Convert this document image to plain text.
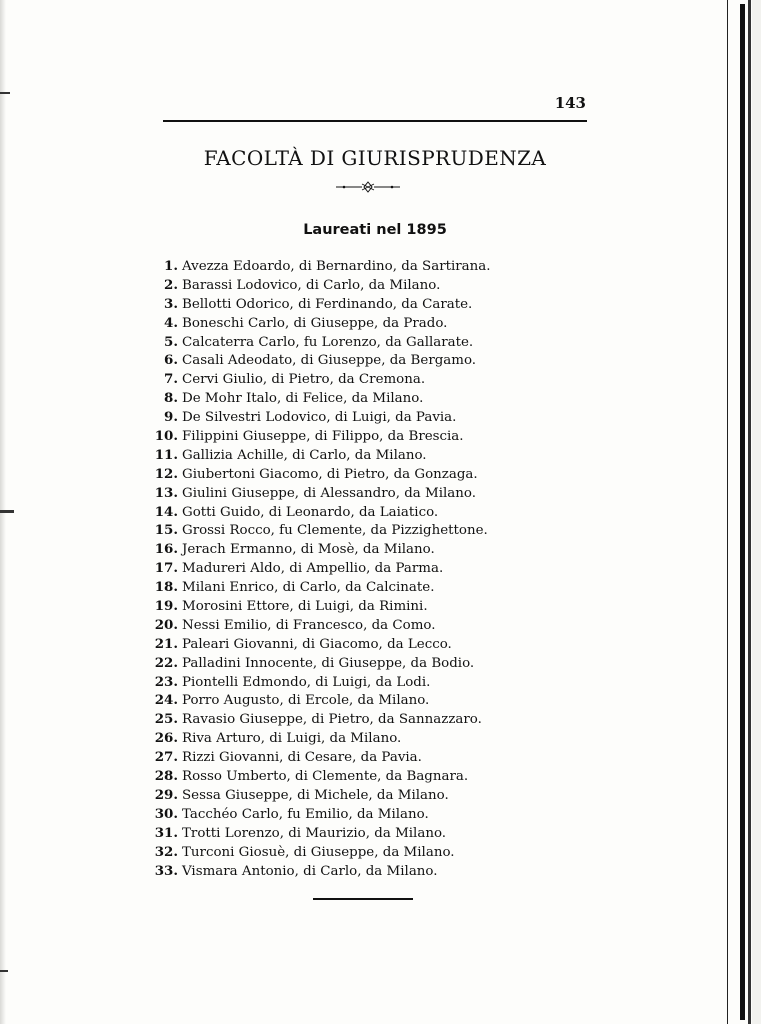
143
FACOLTÀ DI GIURISPRUDENZA
Laureati nel 1895
1. Avezza Edoardo, di Bernardino, da Sartirana.
2. Barassi Lodovico, di Carlo, da Milano.
3. Bellotti Odorico, di Ferdinando, da Carate.
4. Boneschi Carlo, di Giuseppe, da Prado.
5. Calcaterra Carlo, fu Lorenzo, da Gallarate.
6. Casali Adeodato, di Giuseppe, da Bergamo.
7. Cervi Giulio, di Pietro, da Cremona.
8. De Mohr Italo, di Felice, da Milano.
9. De Silvestri Lodovico, di Luigi, da Pavia.
10. Filippini Giuseppe, di Filippo, da Brescia.
11. Gallizia Achille, di Carlo, da Milano.
12. Giubertoni Giacomo, di Pietro, da Gonzaga.
13. Giulini Giuseppe, di Alessandro, da Milano.
14. Gotti Guido, di Leonardo, da Laiatico.
15. Grossi Rocco, fu Clemente, da Pizzighettone.
16. Jerach Ermanno, di Mosè, da Milano.
17. Madureri Aldo, di Ampellio, da Parma.
18. Milani Enrico, di Carlo, da Calcinate.
19. Morosini Ettore, di Luigi, da Rimini.
20. Nessi Emilio, di Francesco, da Como.
21. Paleari Giovanni, di Giacomo, da Lecco.
22. Palladini Innocente, di Giuseppe, da Bodio.
23. Piontelli Edmondo, di Luigi, da Lodi.
24. Porro Augusto, di Ercole, da Milano.
25. Ravasio Giuseppe, di Pietro, da Sannazzaro.
26. Riva Arturo, di Luigi, da Milano.
27. Rizzi Giovanni, di Cesare, da Pavia.
28. Rosso Umberto, di Clemente, da Bagnara.
29. Sessa Giuseppe, di Michele, da Milano.
30. Tacchéo Carlo, fu Emilio, da Milano.
31. Trotti Lorenzo, di Maurizio, da Milano.
32. Turconi Giosuè, di Giuseppe, da Milano.
33. Vismara Antonio, di Carlo, da Milano.
